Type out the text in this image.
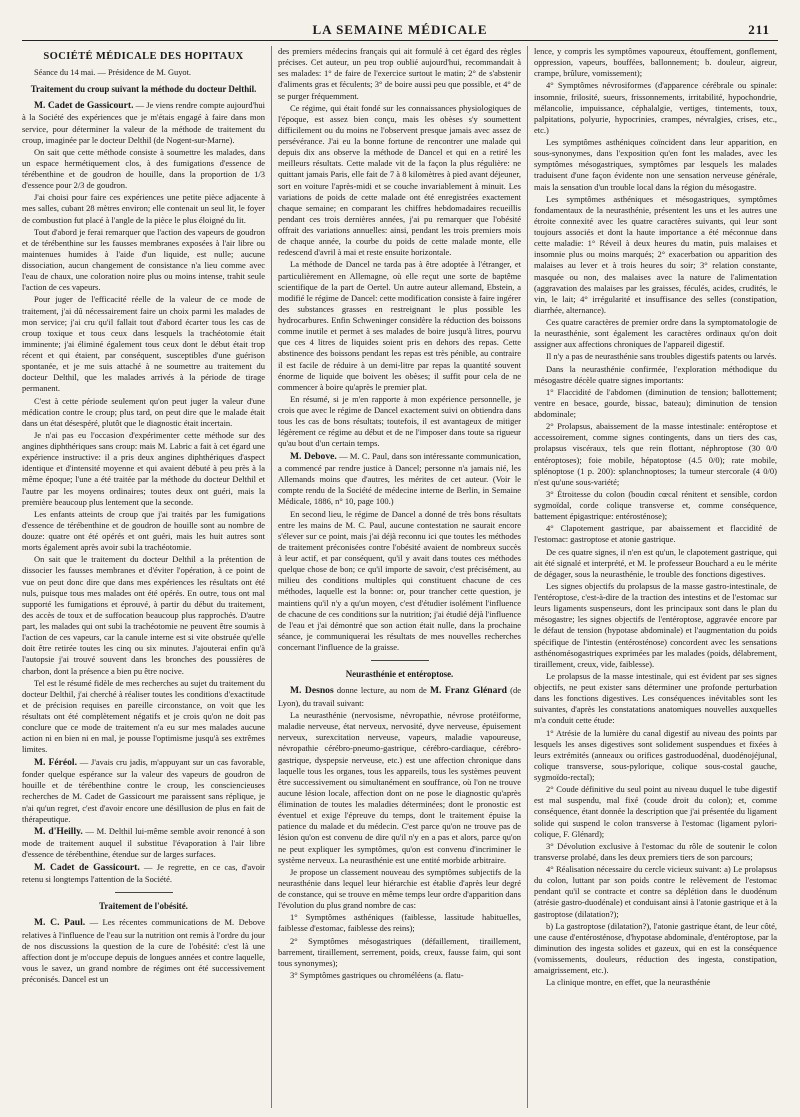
LA SEMAINE MÉDICALE	211
SOCIÉTÉ MÉDICALE DES HOPITAUX
Séance du 14 mai. — Présidence de M. Guyot.
Traitement du croup suivant la méthode du docteur Delthil.

M. Cadet de Gassicourt. — Je viens rendre compte aujourd'hui à la Société des expériences que je m'étais engagé à faire dans mon service, pour déterminer la valeur de la méthode de traitement du croup, imaginée par le docteur Delthil (de Nogent-sur-Marne).

On sait que cette méthode consiste à soumettre les malades, dans un espace hermétiquement clos, à des fumigations d'essence de térébenthine et de goudron de houille, dans la proportion de 1/3 d'essence pour 2/3 de goudron.

J'ai choisi pour faire ces expériences une petite pièce adjacente à mes salles, cubant 28 mètres environ; elle contenait un seul lit, le foyer de combustion fut placé à l'angle de la pièce le plus éloigné du lit.

Tout d'abord je ferai remarquer que l'action des vapeurs de goudron et de térébenthine sur les fausses membranes exposées à l'air libre ou maintenues humides à l'aide d'un liquide, est nulle; aucune dissociation, aucun changement de consistance n'a lieu comme avec l'eau de chaux, une coloration noire plus ou moins intense, trahit seule l'action de ces vapeurs.

Pour juger de l'efficacité réelle de la valeur de ce mode de traitement, j'ai dû nécessairement faire un choix parmi les malades de mon service; j'ai cru qu'il fallait tout d'abord écarter tous les cas de croup toxique et tous ceux dans lesquels la trachéotomie était imminente; j'ai éliminé également tous ceux dont le début était trop récent et qui étaient, par conséquent, susceptibles d'une guérison spontanée, et je me suis attaché à ne soumettre au traitement du docteur Delthil, que les malades arrivés à la période de tirage permanent.

C'est à cette période seulement qu'on peut juger la valeur d'une médication contre le croup; plus tard, on peut dire que le malade était dans un état désespéré, plutôt que le diagnostic était incertain.

Je n'ai pas eu l'occasion d'expérimenter cette méthode sur des angines diphthériques sans croup: mais M. Labric a fait à cet égard une expérience instructive: il a pris deux angines diphthériques d'aspect identique et d'intensité moyenne et qui avaient débuté à peu près à la même époque; l'une a été traitée par la méthode du docteur Delthil et l'autre par les moyens ordinaires; toutes deux ont guéri, mais la première beaucoup plus lentement que la seconde.

Les enfants atteints de croup que j'ai traités par les fumigations d'essence de térébenthine et de goudron de houille sont au nombre de douze: quatre ont été opérés et ont guéri, mais les huit autres sont morts également après avoir subi la trachéotomie.

On sait que le traitement du docteur Delthil a la prétention de dissocier les fausses membranes et d'éviter l'opération, à ce point de vue on peut donc dire que dans mes expériences les résultats ont été nuls, puisque tous mes malades ont été opérés. En outre, tous ont mal supporté les fumigations et éprouvé, à partir du début du traitement, des accès de toux et de suffocation beaucoup plus rapprochés. D'autre part, les malades qui ont subi la trachéotomie ne peuvent être soumis à l'action de ces vapeurs, car la canule interne est si vite obstruée qu'elle doit être retirée toutes les cinq ou six minutes. J'ajouterai enfin qu'à l'autopsie j'ai trouvé souvent dans les bronches des poussières de charbon, dont la présence a bien pu être nocive.

Tel est le résumé fidèle de mes recherches au sujet du traitement du docteur Delthil, j'ai cherché à réaliser toutes les conditions d'exactitude et de précision requises en pareille circonstance, on voit que les résultats ont été complètement négatifs et je crois qu'on ne doit pas conclure que ce mode de traitement n'a eu sur mes malades aucune action ni en bien ni en mal, je pousse l'optimisme jusqu'à ses extrêmes limites.

M. Féréol. — J'avais cru jadis, m'appuyant sur un cas favorable, fonder quelque espérance sur la valeur des vapeurs de goudron de houille et de térébenthine contre le croup, les consciencieuses recherches de M. Cadet de Gassicourt me paraissent sans réplique, je n'ai qu'un regret, c'est d'avoir encore une désillusion de plus en fait de thérapeutique.

M. d'Heilly. — M. Delthil lui-même semble avoir renoncé à son mode de traitement auquel il substitue l'évaporation à l'air libre d'essence de térébenthine, étendue sur de larges surfaces.

M. Cadet de Gassicourt. — Je regrette, en ce cas, d'avoir retenu si longtemps l'attention de la Société.

Traitement de l'obésité.

M. C. Paul. — Les récentes communications de M. Debove relatives à l'influence de l'eau sur la nutrition ont remis à l'ordre du jour de nos discussions la question de la cure de l'obésité: c'est là une affection dont je m'occupe depuis de longues années et contre laquelle, vous le savez, un grand nombre de régimes ont été successivement préconisés. Dancel est un

des premiers médecins français qui ait formulé à cet égard des règles précises. Cet auteur, un peu trop oublié aujourd'hui, recommandait à ses malades: 1° de faire de l'exercice surtout le matin; 2° de s'abstenir d'aliments gras et féculents; 3° de boire aussi peu que possible, et 4° de se purger fréquemment.

Ce régime, qui était fondé sur les connaissances physiologiques de l'époque, est assez bien conçu, mais les obèses s'y soumettent difficilement ou du moins ne l'observent presque jamais avec assez de persévérance. J'ai eu la bonne fortune de rencontrer une malade qui depuis dix ans observe la méthode de Dancel et qui en a retiré les meilleurs résultats. Cette malade vit de la façon la plus régulière: ne quittant jamais Paris, elle fait de 7 à 8 kilomètres à pied avant déjeuner, sort en voiture l'après-midi et se couche invariablement à minuit. Les variations de poids de cette malade ont été enregistrées exactement chaque semaine; en comparant les chiffres hebdomadaires recueillis pendant ces trois dernières années, j'ai pu remarquer que l'obésité offrait des variations annuelles: ainsi, pendant les trois premiers mois de chaque année, la courbe du poids de cette malade monte, elle redescend d'avril à mai et reste ensuite horizontale.

La méthode de Dancel ne tarda pas à être adoptée à l'étranger, et particulièrement en Allemagne, où elle reçut une sorte de baptême scientifique de la part de Oertel. Un autre auteur allemand, Ebstein, a modifié le régime de Dancel: cette modification consiste à faire ingérer des substances grasses en restreignant le plus possible les hydrocarbures. Enfin Schweninger considère la réduction des boissons comme inutile et permet à ses malades de boire jusqu'à litres, pourvu que ces 4 litres de liquides soient pris en dehors des repas. Cette abstinence des boissons pendant les repas est très pénible, au contraire il est facile de réduire à un demi-litre par repas la quantité souvent énorme de liquide que boivent les obèses; il suffit pour cela de ne commencer à boire qu'après le premier plat.

En résumé, si je m'en rapporte à mon expérience personnelle, je crois que avec le régime de Dancel exactement suivi on obtiendra dans tous les cas de bons résultats; toutefois, il est avantageux de mitiger légèrement ce régime au début et de ne l'imposer dans toute sa rigueur qu'au bout d'un certain temps.

M. Debove. — M. C. Paul, dans son intéressante communication, a commencé par rendre justice à Dancel; personne n'a jamais nié, les Allemands moins que d'autres, les mérites de cet auteur. (Voir le compte rendu de la Société de médecine interne de Berlin, in Semaine Médicale, 1886, n° 10, page 100.)

En second lieu, le régime de Dancel a donné de très bons résultats entre les mains de M. C. Paul, aucune contestation ne saurait encore s'élever sur ce point, mais j'ai déjà reconnu ici que toutes les méthodes de traitement préconisées contre l'obésité avaient de nombreux succès à leur actif, et par conséquent, qu'il y avait dans toutes ces méthodes quelque chose de bon; ce qu'il importe de savoir, c'est précisément, au milieu des conditions multiples qui constituent chacune de ces méthodes, laquelle est la bonne: or, pour trancher cette question, je maintiens qu'il n'y a qu'un moyen, c'est d'étudier isolément l'influence de chacune de ces conditions sur la nutrition; j'ai étudié déjà l'influence de l'eau et j'ai démontré que son action était nulle, dans la prochaine séance, je communiquerai les résultats de mes nouvelles recherches concernant l'influence de la graisse.

Neurasthénie et entéroptose.

M. Desnos donne lecture, au nom de M. Franz Glénard (de Lyon), du travail suivant:

La neurasthénie (nervosisme, névropathie, névrose protéiforme, maladie nerveuse, état nerveux, nervosité, dyve nerveuse, épuisement nerveux, surexcitation nerveuse, vapeurs, maladie vapoureuse, névropathie cérébro-pneumo-gastrique, cérébro-cardiaque, cérébro-gastrique, dyspepsie nerveuse, etc.) est une affection chronique dans laquelle tous les organes, tous les appareils, tous les systèmes peuvent être successivement ou simultanément en souffrance, où l'on ne trouve aucune lésion locale, affection dont on ne pose le diagnostic qu'après élimination de toutes les maladies déterminées; dont le pronostic est éventuel et exige l'épreuve du temps, dont le traitement épuise la patience du malade et du médecin. C'est parce qu'on ne trouve pas de lésion qu'on est convenu de dire qu'il n'y en a pas et alors, parce qu'on ne peut expliquer les symptômes, qu'on est convenu d'incriminer le système nerveux. La neurasthénie est une entité morbide arbitraire.

Je propose un classement nouveau des symptômes subjectifs de la neurasthénie dans lequel leur hiérarchie est établie d'après leur degré de constance, qui se trouve en même temps leur ordre d'apparition dans l'évolution du plus grand nombre de cas:

1° Symptômes asthéniques (faiblesse, lassitude habituelles, faiblesse d'estomac, faiblesse des reins);

2° Symptômes mésogastriques (défaillement, tiraillement, barrement, tiraillement, serrement, poids, creux, fausse faim, qui sont tous synonymes);

3° Symptômes gastriques ou chroméléens (a. flatu-

lence, y compris les symptômes vapoureux, étouffement, gonflement, oppression, vapeurs, bouffées, ballonnement; b. douleur, aigreur, crampe, brûlure, vomissement);

4° Symptômes névrosiformes (d'apparence cérébrale ou spinale: insomnie, frilosité, sueurs, frissonnements, irritabilité, hypochondrie, mélancolie, impuissance, céphalalgie, vertiges, tintements, toux, palpitations, polyurie, hypocrinies, crampes, névralgies, crises, etc., etc.)

Les symptômes asthéniques coïncident dans leur apparition, en sous-synonymes, dans l'exposition qu'en font les malades, avec les symptômes mésogastriques, symptômes par lesquels les malades traduisent d'une façon évidente non une sensation nerveuse générale, mais la sensation d'un trouble local dans la région du mésogastre.

Les symptômes asthéniques et mésogastriques, symptômes fondamentaux de la neurasthénie, présentent les uns et les autres une étroite connexité avec les quatre caractères suivants, qui leur sont toujours associés et dont la haute importance a été méconnue dans cette maladie: 1° Réveil à deux heures du matin, puis malaises et insomnie plus ou moins marqués; 2° exacerbation ou apparition des malaises au lever et à trois heures du soir; 3° relation constante, masquée ou non, des malaises avec la nature de l'alimentation (aggravation des malaises par les graisses, féculés, acides, crudités, le vin, le lait; 4° irrégularité et insuffisance des selles (constipation, diarrhée, alternance).

Ces quatre caractères de premier ordre dans la symptomatologie de la neurasthénie, sont également les caractères ordinaux qu'on doit assigner aux affections chroniques de l'appareil digestif.

Il n'y a pas de neurasthénie sans troubles digestifs patents ou larvés.

Dans la neurasthénie confirmée, l'exploration méthodique du mésogastre décèle quatre signes importants:

1° Flaccidité de l'abdomen (diminution de tension; ballottement; ventre en besace, gourde, bissac, bateau); diminution de tension abdominale;

2° Prolapsus, abaissement de la masse intestinale: entéroptose et accessoirement, comme signes contingents, dans un tiers des cas, prolapsus viscéraux, tels que rein flottant, néphroptose (30 0/0 entéroptoses); foie mobile, hépatoptose (4.5 0/0); rate mobile, splénoptose (1 p. 200): splanchnoptoses; la tumeur stercorale (4 0/0) n'est qu'une sous-variété;

3° Étroitesse du colon (boudin cœcal rénitent et sensible, cordon sygmoïdal, corde colique transverse et, comme conséquence, battement épigastrique: entérosténose);

4° Clapotement gastrique, par abaissement et flaccidité de l'estomac: gastroptose et atonie gastrique.

De ces quatre signes, il n'en est qu'un, le clapotement gastrique, qui ait été signalé et interprété, et M. le professeur Bouchard a eu le mérite de dégager, sous la neurasthénie, le trouble des fonctions digestives.

Les signes objectifs du prolapsus de la masse gastro-intestinale, de l'entéroptose, c'est-à-dire de la traction des intestins et de l'estomac sur leurs ligaments suspenseurs, dont les principaux sont dans le plan du mésogastre; les signes objectifs de l'entéroptose, aggravée encore par le défaut de tension (hypotase abdominale) et l'augmentation du poids spécifique de l'intestin (entérosténose) concordent avec les sensations asthénomésogastriques exprimées par les malades (poids, délabrement, tiraillement, creux, vide, faiblesse).

Le prolapsus de la masse intestinale, qui est évident par ses signes objectifs, ne peut exister sans déterminer une profonde perturbation dans les fonctions digestives. Les conséquences inévitables sont les suivantes, d'après les constatations anatomiques nouvelles auxquelles m'a conduit cette étude:

1° Atrésie de la lumière du canal digestif au niveau des points par lesquels les anses digestives sont solidement suspendues et fixées à leurs extrémités (anneaux ou orifices gastroduodénal, duodénojéjunal, colique transverse, sous-pylorique, colique sous-costal gauche, sygmoïdo-rectal);

2° Coude définitive du seul point au niveau duquel le tube digestif est mal suspendu, mal fixé (coude droit du colon); et, comme conséquence, étant donnée la description que j'ai présentée du ligament solide qui suspend le colon transverse à l'estomac (ligament pylori-colique, F. Glénard);

3° Dévolution exclusive à l'estomac du rôle de soutenir le colon transverse prolabé, dans les deux premiers tiers de son parcours;

4° Réalisation nécessaire du cercle vicieux suivant: a) Le prolapsus du colon, luttant par son poids contre le relèvement de l'estomac pendant qu'il se contracte et contre sa déplétion dans le duodénum (atrésie gastro-duodénale) et conduisant ainsi à l'atonie gastrique et à la gastroptose (dilatation?);

b) La gastroptose (dilatation?), l'atonie gastrique étant, de leur côté, une cause d'entérosténose, d'hypotase abdominale, d'entéroptose, par la diminution des ingesta solides et gazeux, qui en est la conséquence (vomissements, douleurs, réduction des ingesta, constipation, amaigrissement, etc.).

La clinique montre, en effet, que la neurasthénie
